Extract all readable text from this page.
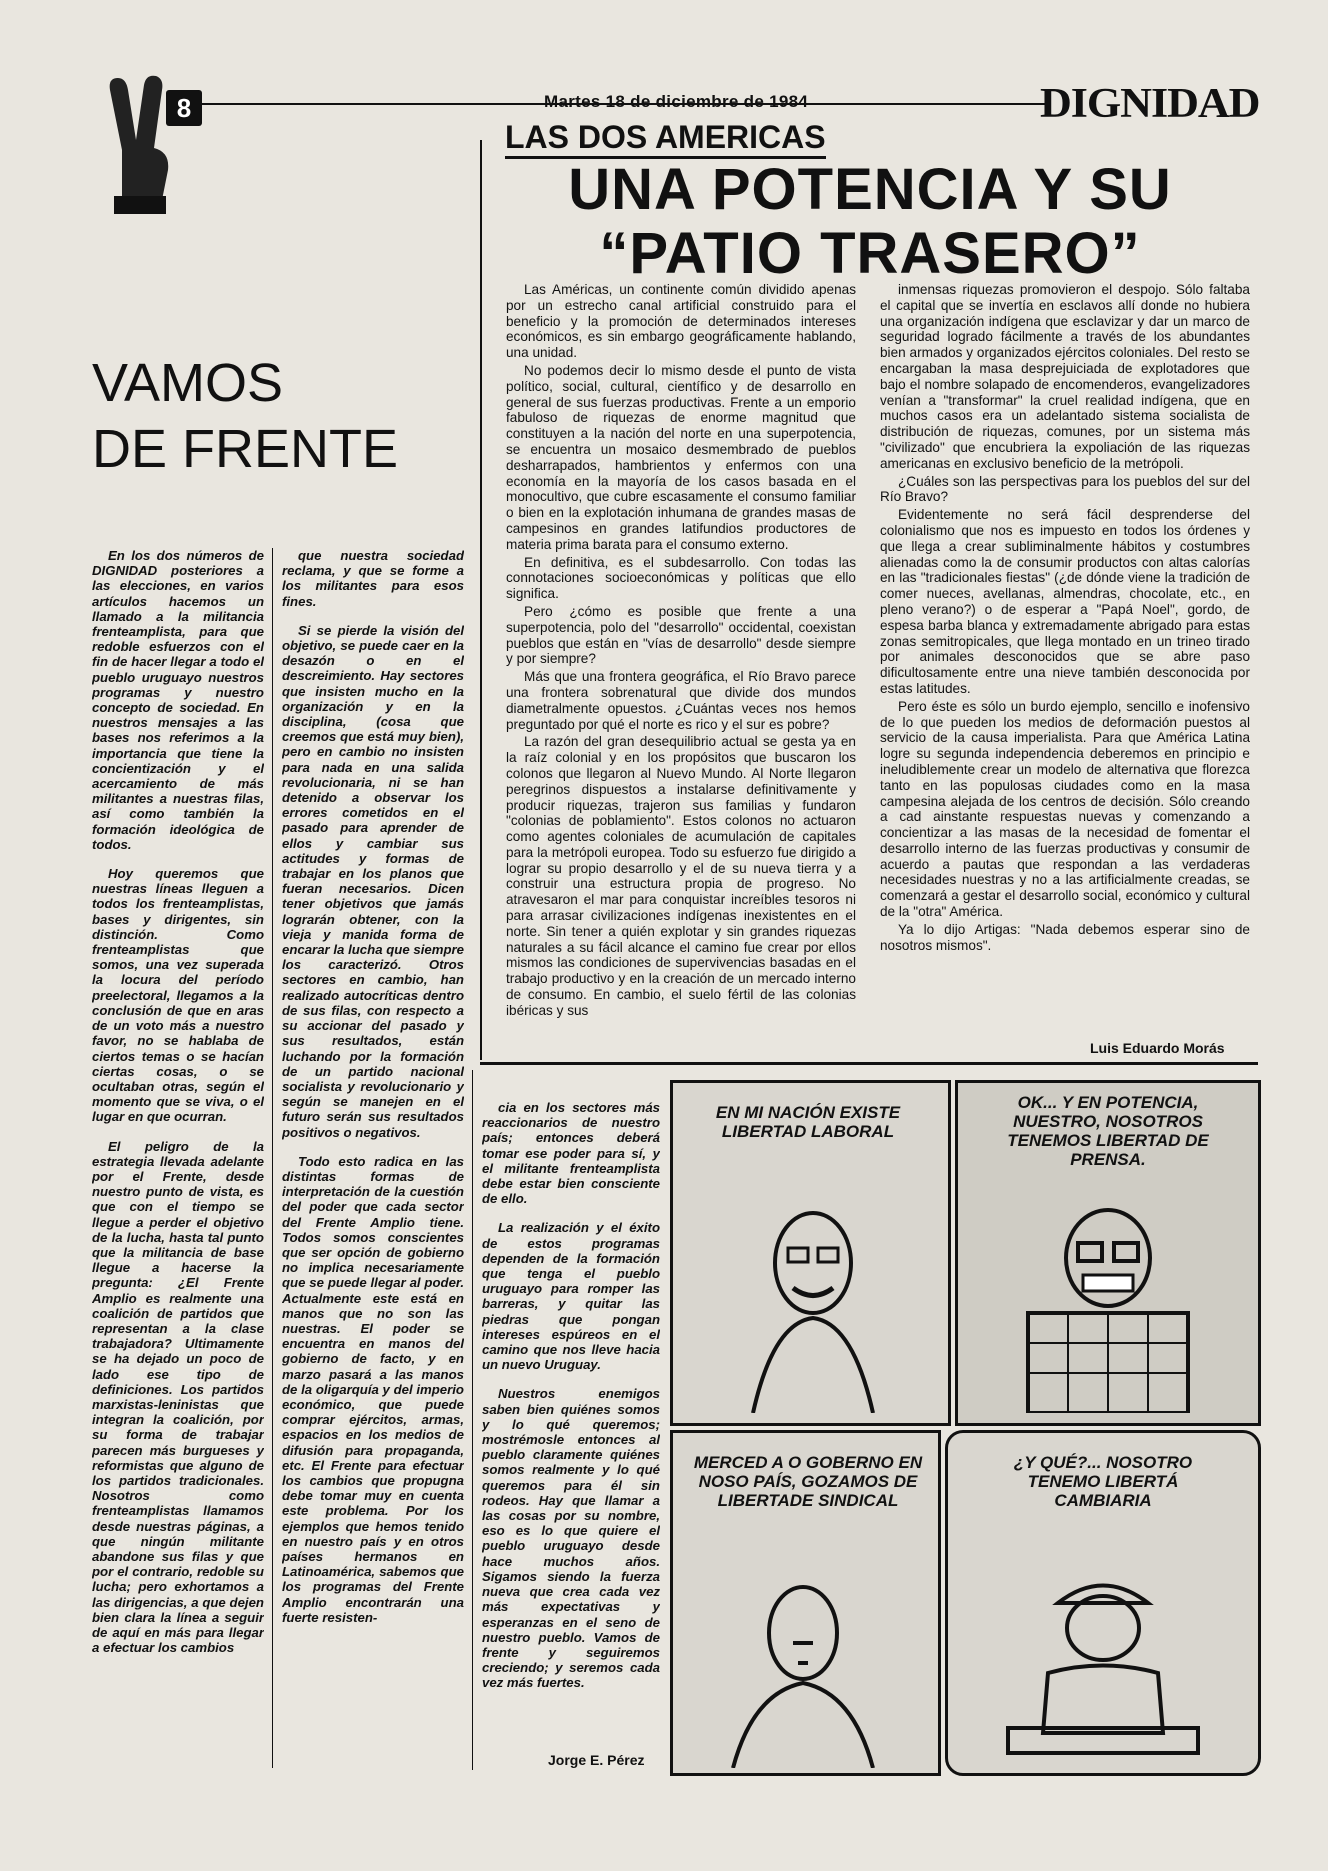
8	Martes 18 de diciembre de 1984	DIGNIDAD
LAS DOS AMERICAS
UNA POTENCIA Y SU
“PATIO TRASERO”
VAMOS
DE FRENTE

Las Américas, un continente común dividido apenas por un estrecho canal artificial construido para el beneficio y la promoción de determinados intereses económicos, es sin embargo geográficamente hablando, una unidad.

No podemos decir lo mismo desde el punto de vista político, social, cultural, científico y de desarrollo en general de sus fuerzas productivas. Frente a un emporio fabuloso de riquezas de enorme magnitud que constituyen a la nación del norte en una superpotencia, se encuentra un mosaico desmembrado de pueblos desharrapados, hambrientos y enfermos con una economía en la mayoría de los casos basada en el monocultivo, que cubre escasamente el consumo familiar o bien en la explotación inhumana de grandes masas de campesinos en grandes latifundios productores de materia prima barata para el consumo externo.

En definitiva, es el subdesarrollo. Con todas las connotaciones socioeconómicas y políticas que ello significa.

Pero ¿cómo es posible que frente a una superpotencia, polo del "desarrollo" occidental, coexistan pueblos que están en "vías de desarrollo" desde siempre y por siempre?

Más que una frontera geográfica, el Río Bravo parece una frontera sobrenatural que divide dos mundos diametralmente opuestos. ¿Cuántas veces nos hemos preguntado por qué el norte es rico y el sur es pobre?

La razón del gran desequilibrio actual se gesta ya en la raíz colonial y en los propósitos que buscaron los colonos que llegaron al Nuevo Mundo. Al Norte llegaron peregrinos dispuestos a instalarse definitivamente y producir riquezas, trajeron sus familias y fundaron "colonias de poblamiento". Estos colonos no actuaron como agentes coloniales de acumulación de capitales para la metrópoli europea. Todo su esfuerzo fue dirigido a lograr su propio desarrollo y el de su nueva tierra y a construir una estructura propia de progreso. No atravesaron el mar para conquistar increíbles tesoros ni para arrasar civilizaciones indígenas inexistentes en el norte. Sin tener a quién explotar y sin grandes riquezas naturales a su fácil alcance el camino fue crear por ellos mismos las condiciones de supervivencias basadas en el trabajo productivo y en la creación de un mercado interno de consumo. En cambio, el suelo fértil de las colonias ibéricas y sus

inmensas riquezas promovieron el despojo. Sólo faltaba el capital que se invertía en esclavos allí donde no hubiera una organización indígena que esclavizar y dar un marco de seguridad logrado fácilmente a través de los abundantes bien armados y organizados ejércitos coloniales. Del resto se encargaban la masa desprejuiciada de explotadores que bajo el nombre solapado de encomenderos, evangelizadores venían a "transformar" la cruel realidad indígena, que en muchos casos era un adelantado sistema socialista de distribución de riquezas, comunes, por un sistema más "civilizado" que encubriera la expoliación de las riquezas americanas en exclusivo beneficio de la metrópoli.

¿Cuáles son las perspectivas para los pueblos del sur del Río Bravo?

Evidentemente no será fácil desprenderse del colonialismo que nos es impuesto en todos los órdenes y que llega a crear subliminalmente hábitos y costumbres alienadas como la de consumir productos con altas calorías en las "tradicionales fiestas" (¿de dónde viene la tradición de comer nueces, avellanas, almendras, chocolate, etc., en pleno verano?) o de esperar a "Papá Noel", gordo, de espesa barba blanca y extremadamente abrigado para estas zonas semitropicales, que llega montado en un trineo tirado por animales desconocidos que se abre paso dificultosamente entre una nieve también desconocida por estas latitudes.

Pero éste es sólo un burdo ejemplo, sencillo e inofensivo de lo que pueden los medios de deformación puestos al servicio de la causa imperialista. Para que América Latina logre su segunda independencia deberemos en principio e ineludiblemente crear un modelo de alternativa que florezca tanto en las populosas ciudades como en la masa campesina alejada de los centros de decisión. Sólo creando a cad ainstante respuestas nuevas y comenzando a concientizar a las masas de la necesidad de fomentar el desarrollo interno de las fuerzas productivas y consumir de acuerdo a pautas que respondan a las verdaderas necesidades nuestras y no a las artificialmente creadas, se comenzará a gestar el desarrollo social, económico y cultural de la "otra" América.

Ya lo dijo Artigas: "Nada debemos esperar sino de nosotros mismos".

Luis Eduardo Morás

En los dos números de DIGNIDAD posteriores a las elecciones, en varios artículos hacemos un llamado a la militancia frenteamplista, para que redoble esfuerzos con el fin de hacer llegar a todo el pueblo uruguayo nuestros programas y nuestro concepto de sociedad. En nuestros mensajes a las bases nos referimos a la importancia que tiene la concientización y el acercamiento de más militantes a nuestras filas, así como también la formación ideológica de todos.

Hoy queremos que nuestras líneas lleguen a todos los frenteamplistas, bases y dirigentes, sin distinción. Como frenteamplistas que somos, una vez superada la locura del período preelectoral, llegamos a la conclusión de que en aras de un voto más a nuestro favor, no se hablaba de ciertos temas o se hacían ciertas cosas, o se ocultaban otras, según el momento que se viva, o el lugar en que ocurran.

El peligro de la estrategia llevada adelante por el Frente, desde nuestro punto de vista, es que con el tiempo se llegue a perder el objetivo de la lucha, hasta tal punto que la militancia de base llegue a hacerse la pregunta: ¿El Frente Amplio es realmente una coalición de partidos que representan a la clase trabajadora? Ultimamente se ha dejado un poco de lado ese tipo de definiciones. Los partidos marxistas-leninistas que integran la coalición, por su forma de trabajar parecen más burgueses y reformistas que alguno de los partidos tradicionales. Nosotros como frenteamplistas llamamos desde nuestras páginas, a que ningún militante abandone sus filas y que por el contrario, redoble su lucha; pero exhortamos a las dirigencias, a que dejen bien clara la línea a seguir de aquí en más para llegar a efectuar los cambios

que nuestra sociedad reclama, y que se forme a los militantes para esos fines.

Si se pierde la visión del objetivo, se puede caer en la desazón o en el descreimiento. Hay sectores que insisten mucho en la organización y en la disciplina, (cosa que creemos que está muy bien), pero en cambio no insisten para nada en una salida revolucionaria, ni se han detenido a observar los errores cometidos en el pasado para aprender de ellos y cambiar sus actitudes y formas de trabajar en los planos que fueran necesarios. Dicen tener objetivos que jamás lograrán obtener, con la vieja y manida forma de encarar la lucha que siempre los caracterizó. Otros sectores en cambio, han realizado autocríticas dentro de sus filas, con respecto a su accionar del pasado y sus resultados, están luchando por la formación de un partido nacional socialista y revolucionario y según se manejen en el futuro serán sus resultados positivos o negativos.

Todo esto radica en las distintas formas de interpretación de la cuestión del poder que cada sector del Frente Amplio tiene. Todos somos conscientes que ser opción de gobierno no implica necesariamente que se puede llegar al poder. Actualmente este está en manos que no son las nuestras. El poder se encuentra en manos del gobierno de facto, y en marzo pasará a las manos de la oligarquía y del imperio económico, que puede comprar ejércitos, armas, espacios en los medios de difusión para propaganda, etc. El Frente para efectuar los cambios que propugna debe tomar muy en cuenta este problema. Por los ejemplos que hemos tenido en nuestro país y en otros países hermanos en Latinoamérica, sabemos que los programas del Frente Amplio encontrarán una fuerte resisten-

cia en los sectores más reaccionarios de nuestro país; entonces deberá tomar ese poder para sí, y el militante frenteamplista debe estar bien consciente de ello.

La realización y el éxito de estos programas dependen de la formación que tenga el pueblo uruguayo para romper las barreras, y quitar las piedras que pongan intereses espúreos en el camino que nos lleve hacia un nuevo Uruguay.

Nuestros enemigos saben bien quiénes somos y lo qué queremos; mostrémosle entonces al pueblo claramente quiénes somos realmente y lo qué queremos para él sin rodeos. Hay que llamar a las cosas por su nombre, eso es lo que quiere el pueblo uruguayo desde hace muchos años. Sigamos siendo la fuerza nueva que crea cada vez más expectativas y esperanzas en el seno de nuestro pueblo. Vamos de frente y seguiremos creciendo; y seremos cada vez más fuertes.

Jorge E. Pérez
EN MI NACIÓN EXISTE LIBERTAD LABORAL
OK... Y EN POTENCIA, NUESTRO, NOSOTROS TENEMOS LIBERTAD DE PRENSA.
MERCED A O GOBERNO EN NOSO PAÍS, GOZAMOS DE LIBERTADE SINDICAL
¿Y QUÉ?... NOSOTRO TENEMO LIBERTÁ CAMBIARIA
